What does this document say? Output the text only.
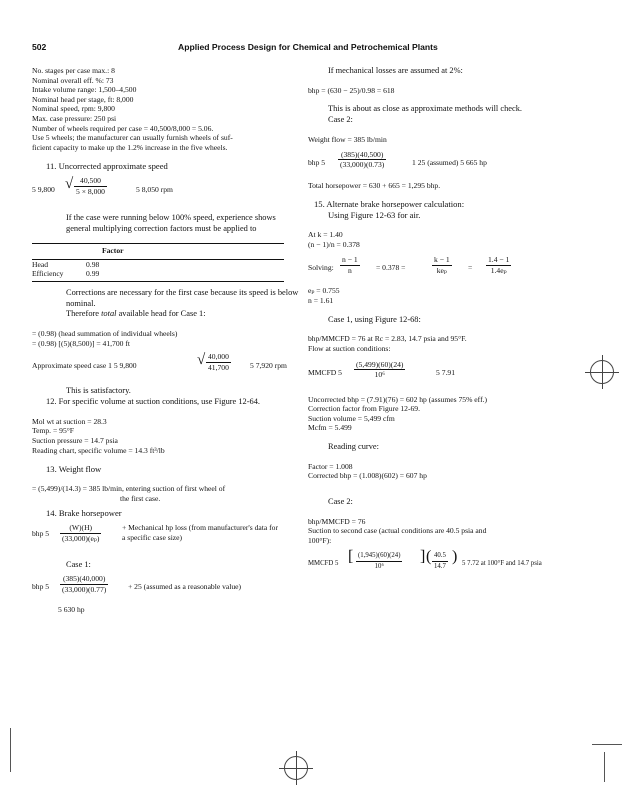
502	Applied Process Design for Chemical and Petrochemical Plants
No. stages per case max.: 8
Nominal overall eff. %: 73
Intake volume range: 1,500–4,500
Nominal head per stage, ft: 8,000
Nominal speed, rpm: 9,800
Max. case pressure: 250 psi
Number of wheels required per case = 40,500/8,000 = 5.06.
Use 5 wheels; the manufacturer can usually furnish wheels of suf-
ficient capacity to make up the 1.2% increase in the five wheels.
11. Uncorrected approximate speed
5 9,800 √ 40,500
5 × 8,000	5 8,050 rpm
If the case were running below 100% speed, experience shows general multiplying correction factors must be applied to
Factor	
Head	0.98
Efficiency	0.99
Corrections are necessary for the first case because its speed is below nominal.
Therefore total available head for Case 1:
= (0.98) (head summation of individual wheels)
= (0.98) [(5)(8,500)] = 41,700 ft
Approximate speed case 1 5 9,800	√ 40,000
41,700	5 7,920 rpm
This is satisfactory.
12. For specific volume at suction conditions, use Figure 12-64.
Mol wt at suction = 28.3
Temp. = 95°F
Suction pressure = 14.7 psia
Reading chart, specific volume = 14.3 ft³/lb
13. Weight flow
= (5,499)/(14.3) = 385 lb/min, entering suction of first wheel of
the first case.
14. Brake horsepower
bhp $5 \frac{(W)(H)}{\text{(33,000)(eₚ)}}$	+ Mechanical hp loss (from manufacturer's data for a specific case size)
Case 1:
bhp $5 \frac{(385)(40,000)}{(33,000)(0.77)}$	+ 25 (assumed as a reasonable value)
5 630 hp
If mechanical losses are assumed at 2%:
bhp = (630 − 25)/0.98 = 618
This is about as close as approximate methods will check.
Case 2:
Weight flow = 385 lb/min
bhp $5 \frac{(385)(40,500)}{(33,000)(0.73)}$	1 25 (assumed) 5 665 hp
Total horsepower = 630 + 665 = 1,295 bhp.
15. Alternate brake horsepower calculation:
Using Figure 12-63 for air.
At k = 1.40
(n − 1)/n = 0.378
Solving: $\frac{n - 1}{n} = 0.378$ =
k − 1
keₚ	= $\frac{1.4 - 1}{\text{1.4eₚ}}$
eₚ = 0.755
n = 1.61
Case 1, using Figure 12-68:
bhp/MMCFD = 76 at Rc = 2.83, 14.7 psia and 95°F.
Flow at suction conditions:
MMCFD $5 \frac{(5,499)(60)(24)}{\text{10⁶}}$	5 7.91
Uncorrected bhp = (7.91)(76) = 602 hp (assumes 75% eff.)
Correction factor from Figure 12-69.
Suction volume = 5,499 cfm
Mcfm = 5.499
Reading curve:
Factor = 1.008
Corrected bhp = (1.008)(602) = 607 hp
Case 2:
bhp/MMCFD = 76
Suction to second case (actual conditions are 40.5 psia and
100°F):
MMCFD 5 [ $\frac{(1,945)(60)(24)}{\text{10⁶}}$ ] ( $\frac{40.5}{14.7}$ ) 5 7.72 at 100°F and 14.7 psia
